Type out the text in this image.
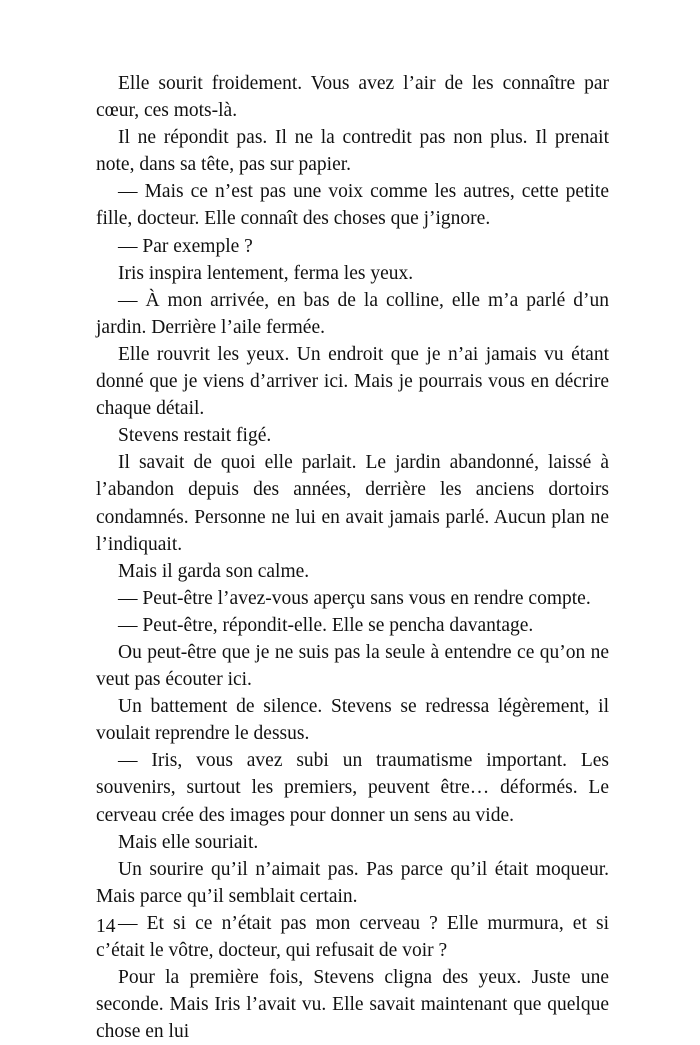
Elle sourit froidement. Vous avez l’air de les connaître par cœur, ces mots-là.

Il ne répondit pas. Il ne la contredit pas non plus. Il prenait note, dans sa tête, pas sur papier.

— Mais ce n’est pas une voix comme les autres, cette petite fille, docteur. Elle connaît des choses que j’ignore.

— Par exemple ?

Iris inspira lentement, ferma les yeux.

— À mon arrivée, en bas de la colline, elle m’a parlé d’un jardin. Derrière l’aile fermée.

Elle rouvrit les yeux. Un endroit que je n’ai jamais vu étant donné que je viens d’arriver ici. Mais je pourrais vous en décrire chaque détail.

Stevens restait figé.

Il savait de quoi elle parlait. Le jardin abandonné, laissé à l’abandon depuis des années, derrière les anciens dortoirs condamnés. Personne ne lui en avait jamais parlé. Aucun plan ne l’indiquait.

Mais il garda son calme.

— Peut-être l’avez-vous aperçu sans vous en rendre compte.

— Peut-être, répondit-elle. Elle se pencha davantage.

Ou peut-être que je ne suis pas la seule à entendre ce qu’on ne veut pas écouter ici.

Un battement de silence. Stevens se redressa légèrement, il voulait reprendre le dessus.

— Iris, vous avez subi un traumatisme important. Les souvenirs, surtout les premiers, peuvent être… déformés. Le cerveau crée des images pour donner un sens au vide.

Mais elle souriait.

Un sourire qu’il n’aimait pas. Pas parce qu’il était moqueur. Mais parce qu’il semblait certain.

— Et si ce n’était pas mon cerveau ? Elle murmura, et si c’était le vôtre, docteur, qui refusait de voir ?

Pour la première fois, Stevens cligna des yeux. Juste une seconde. Mais Iris l’avait vu. Elle savait maintenant que quelque chose en lui

14
